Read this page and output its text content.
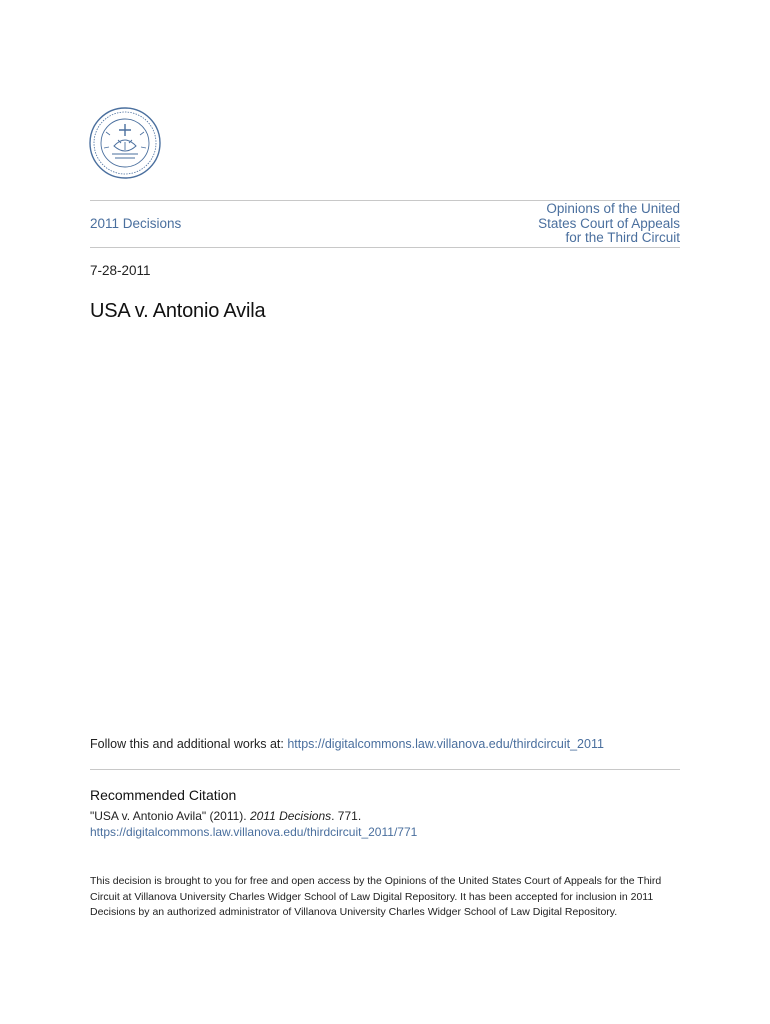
2011 Decisions
Opinions of the United
States Court of Appeals
for the Third Circuit
7-28-2011
USA v. Antonio Avila
Follow this and additional works at: https://digitalcommons.law.villanova.edu/thirdcircuit_2011
Recommended Citation
"USA v. Antonio Avila" (2011). 2011 Decisions. 771.
https://digitalcommons.law.villanova.edu/thirdcircuit_2011/771
This decision is brought to you for free and open access by the Opinions of the United States Court of Appeals for the Third Circuit at Villanova University Charles Widger School of Law Digital Repository. It has been accepted for inclusion in 2011 Decisions by an authorized administrator of Villanova University Charles Widger School of Law Digital Repository.
